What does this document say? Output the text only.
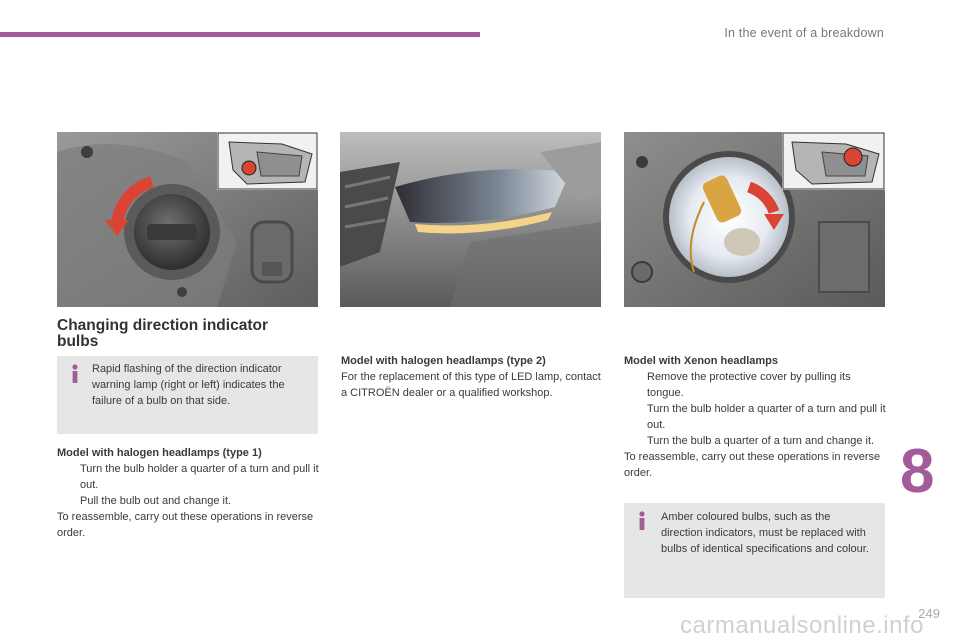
In the event of a breakdown
Changing direction indicator bulbs
Rapid flashing of the direction indicator warning lamp (right or left) indicates the failure of a bulb on that side.
Model with halogen headlamps (type 1)
Turn the bulb holder a quarter of a turn and pull it out.
Pull the bulb out and change it.
To reassemble, carry out these operations in reverse order.
Model with halogen headlamps (type 2)
For the replacement of this type of LED lamp, contact a CITROËN dealer or a qualified workshop.
Model with Xenon headlamps
Remove the protective cover by pulling its tongue.
Turn the bulb holder a quarter of a turn and pull it out.
Turn the bulb a quarter of a turn and change it.
To reassemble, carry out these operations in reverse order.
Amber coloured bulbs, such as the direction indicators, must be replaced with bulbs of identical specifications and colour.
8
carmanualsonline.info
249
